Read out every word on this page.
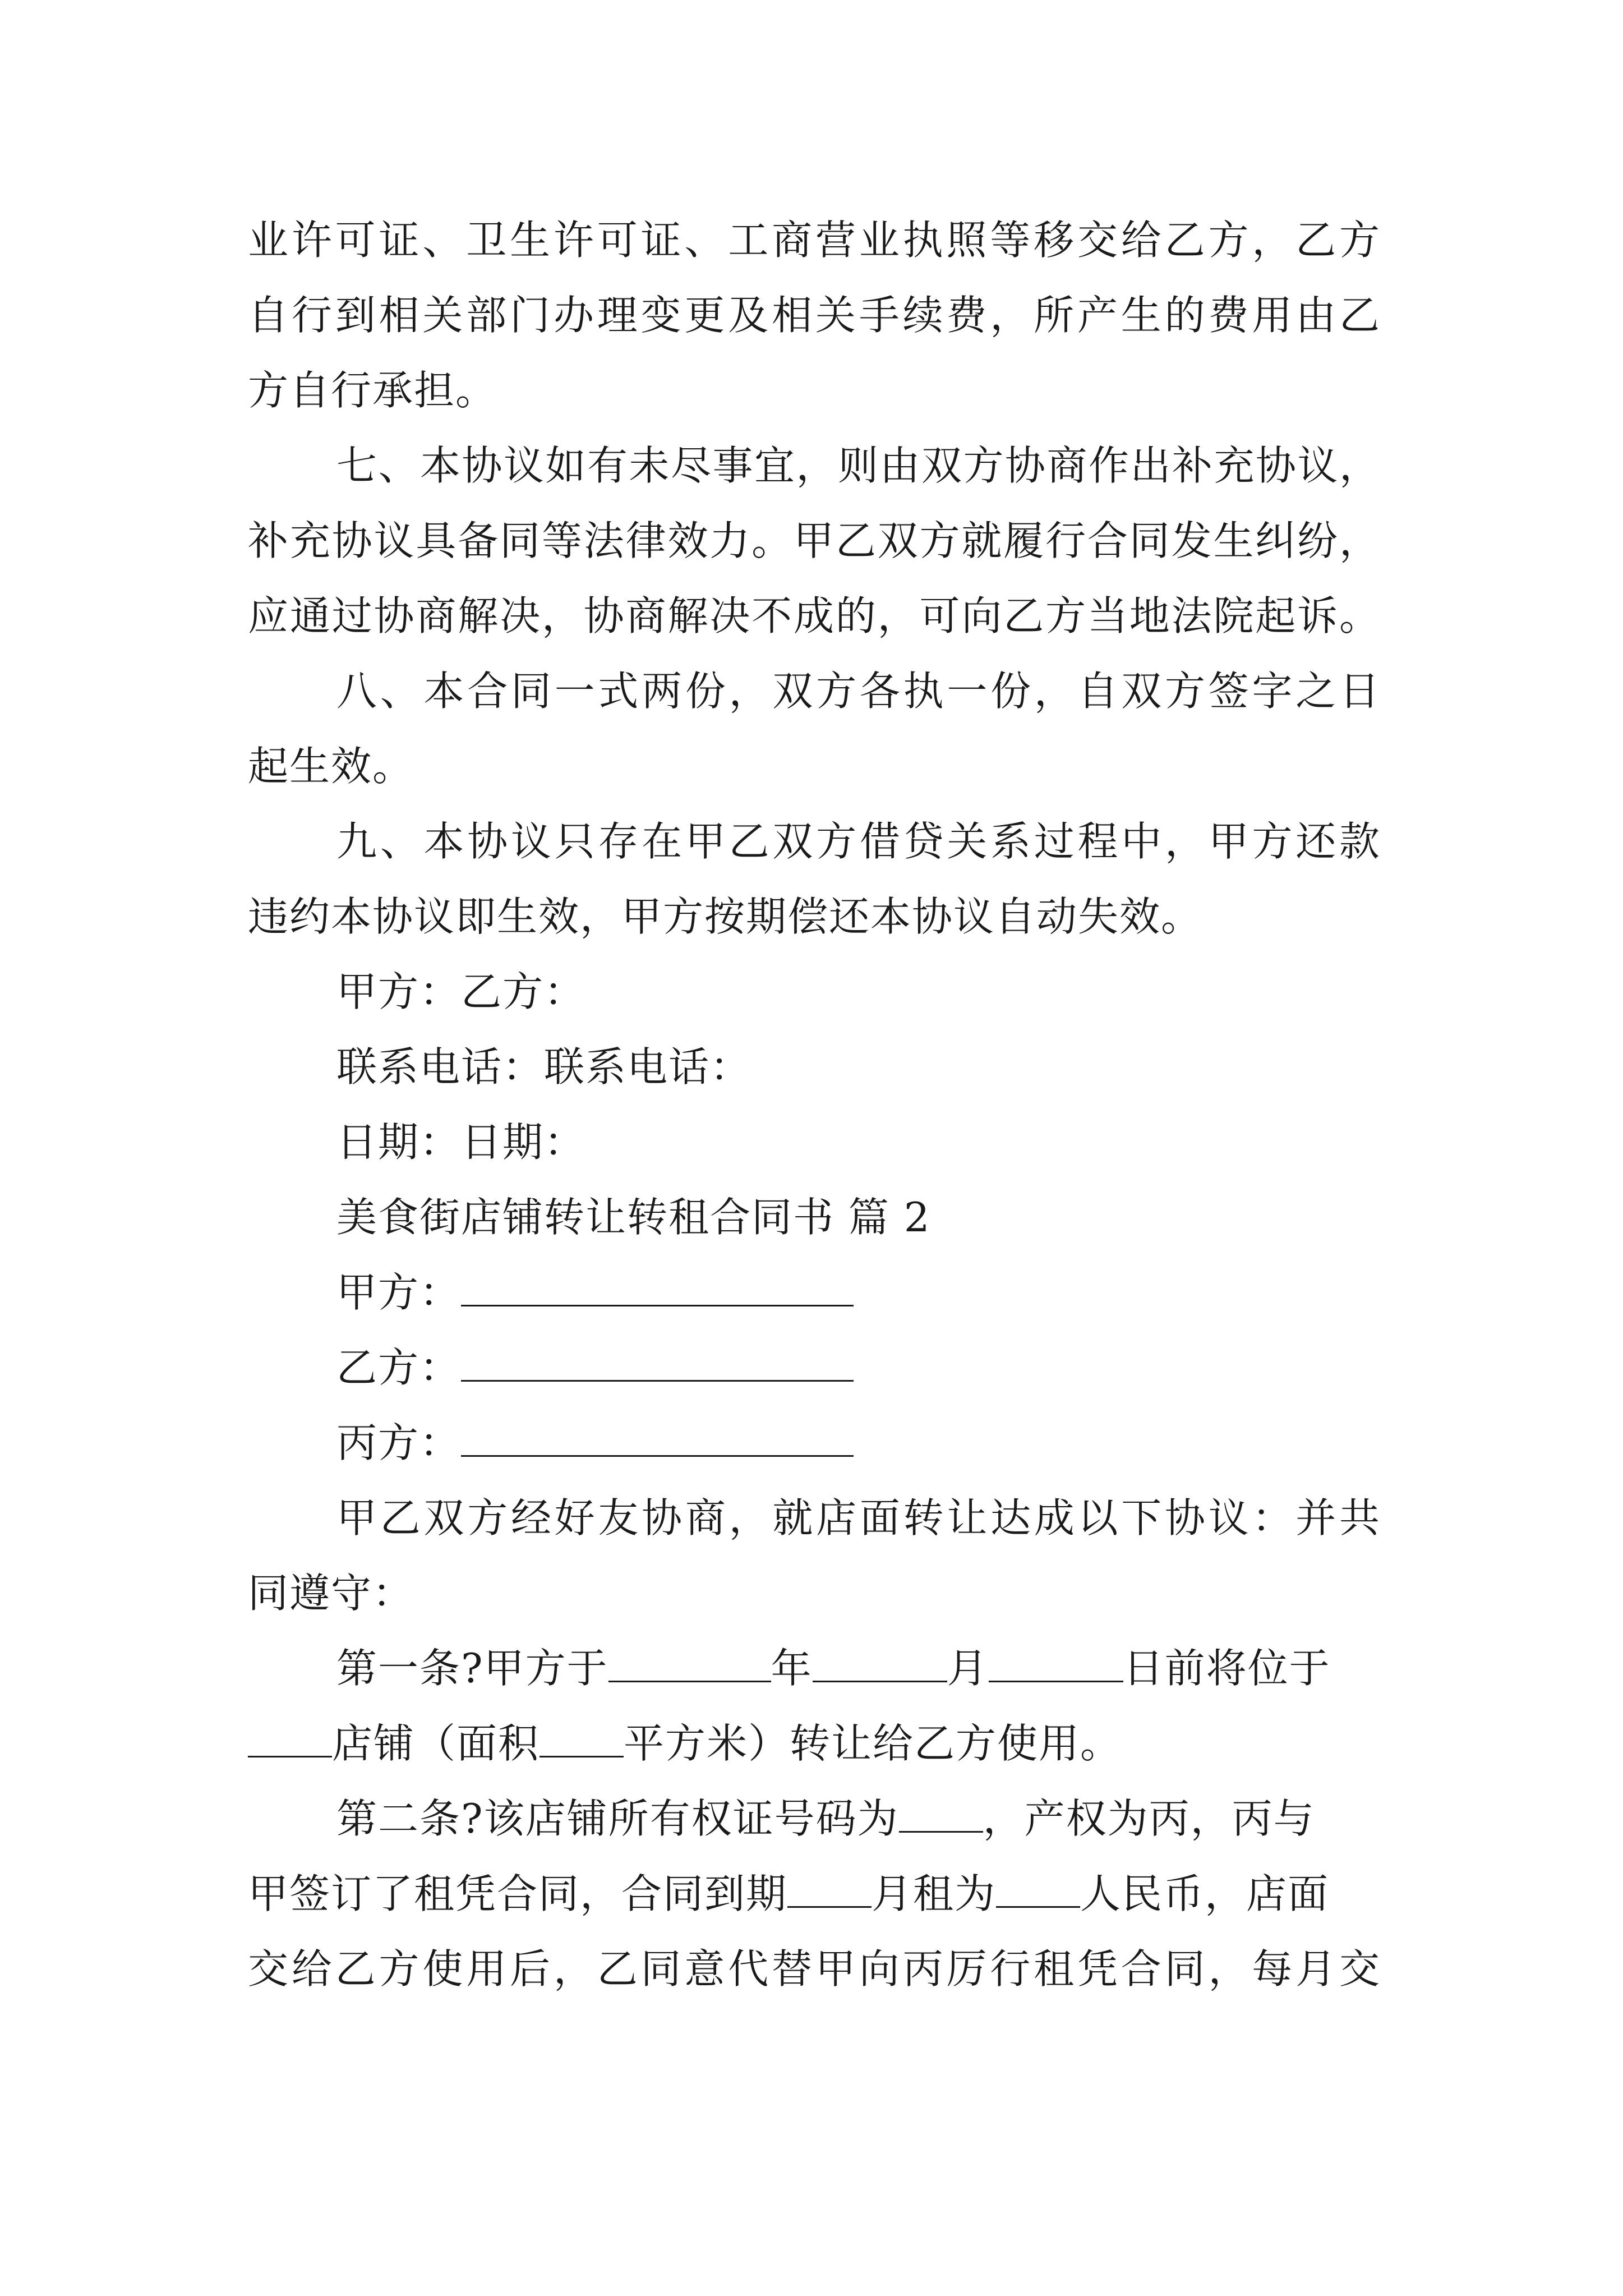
业许可证、卫生许可证、工商营业执照等移交给乙方，乙方
自行到相关部门办理变更及相关手续费，所产生的费用由乙
方自行承担。
七、本协议如有未尽事宜，则由双方协商作出补充协议，
补充协议具备同等法律效力。甲乙双方就履行合同发生纠纷，
应通过协商解决，协商解决不成的，可向乙方当地法院起诉。
八、本合同一式两份，双方各执一份，自双方签字之日
起生效。
九、本协议只存在甲乙双方借贷关系过程中，甲方还款
违约本协议即生效，甲方按期偿还本协议自动失效。
甲方：乙方：
联系电话：联系电话：
日期：日期：
美食街店铺转让转租合同书 篇 2
甲方：
乙方：
丙方：
甲乙双方经好友协商，就店面转让达成以下协议：并共
同遵守：
第一条?甲方于	年	月	日前将位于
店铺（面积 平方米）转让给乙方使用。
第二条?该店铺所有权证号码为 ，产权为丙，丙与
甲签订了租凭合同，合同到期 月租为 人民币，店面
交给乙方使用后，乙同意代替甲向丙厉行租凭合同，每月交
